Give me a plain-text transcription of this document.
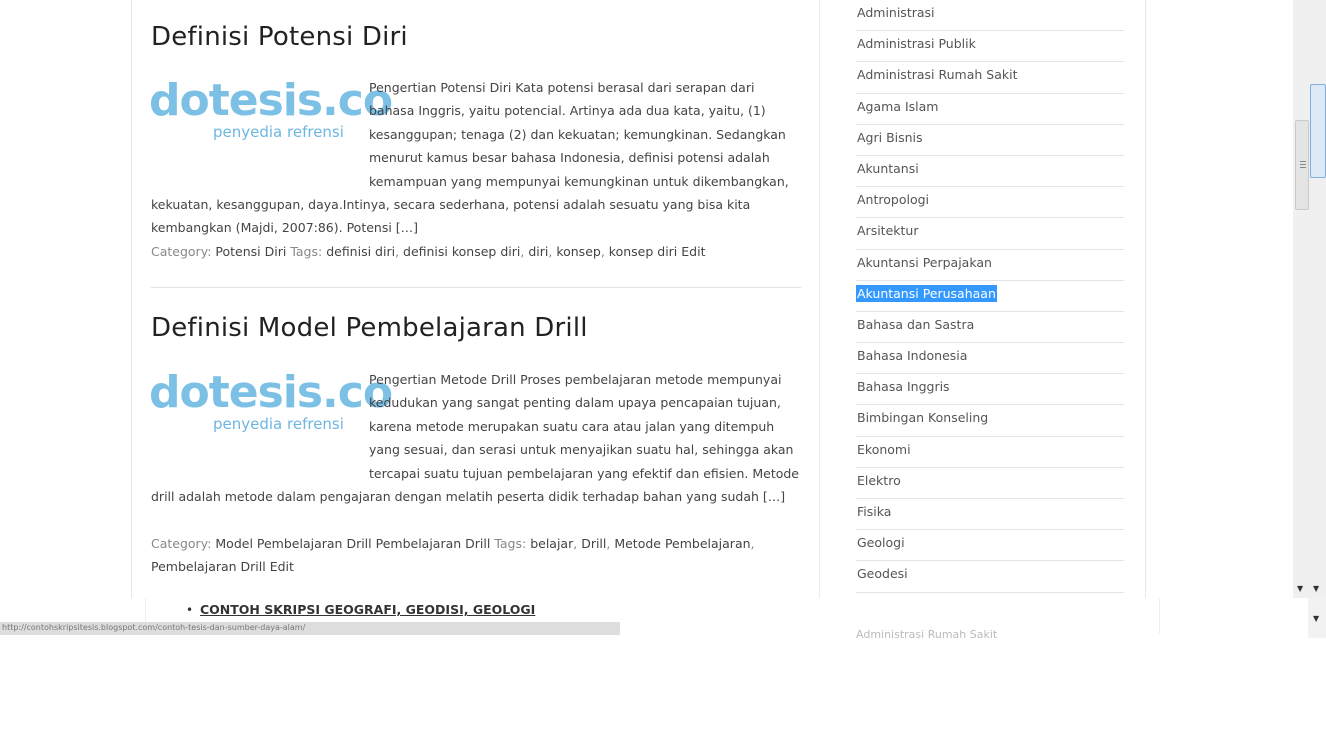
Definisi Potensi Diri
dotesis.co
penyedia refrensi
Pengertian Potensi Diri Kata potensi berasal dari serapan dari bahasa Inggris, yaitu potencial. Artinya ada dua kata, yaitu, (1) kesanggupan; tenaga (2) dan kekuatan; kemungkinan. Sedangkan menurut kamus besar bahasa Indonesia, definisi potensi adalah kemampuan yang mempunyai kemungkinan untuk dikembangkan, kekuatan, kesanggupan, daya.Intinya, secara sederhana, potensi adalah sesuatu yang bisa kita kembangkan (Majdi, 2007:86). Potensi […]
Category: Potensi Diri Tags: definisi diri, definisi konsep diri, diri, konsep, konsep diri Edit
Definisi Model Pembelajaran Drill
dotesis.co
penyedia refrensi
Pengertian Metode Drill Proses pembelajaran metode mempunyai kedudukan yang sangat penting dalam upaya pencapaian tujuan, karena metode merupakan suatu cara atau jalan yang ditempuh yang sesuai, dan serasi untuk menyajikan suatu hal, sehingga akan tercapai suatu tujuan pembelajaran yang efektif dan efisien. Metode drill adalah metode dalam pengajaran dengan melatih peserta didik terhadap bahan yang sudah […]
Category: Model Pembelajaran Drill Pembelajaran Drill Tags: belajar, Drill, Metode Pembelajaran, Pembelajaran Drill Edit
Administrasi
Administrasi Publik
Administrasi Rumah Sakit
Agama Islam
Agri Bisnis
Akuntansi
Antropologi
Arsitektur
Akuntansi Perpajakan
Akuntansi Perusahaan
Bahasa dan Sastra
Bahasa Indonesia
Bahasa Inggris
Bimbingan Konseling
Ekonomi
Elektro
Fisika
Geologi
Geodesi
▼ ▼
• CONTOH SKRIPSI GEOGRAFI, GEODISI, GEOLOGI
http://contohskripsitesis.blogspot.com/contoh-tesis-dan-sumber-daya-alam/
Administrasi Rumah Sakit
▼
